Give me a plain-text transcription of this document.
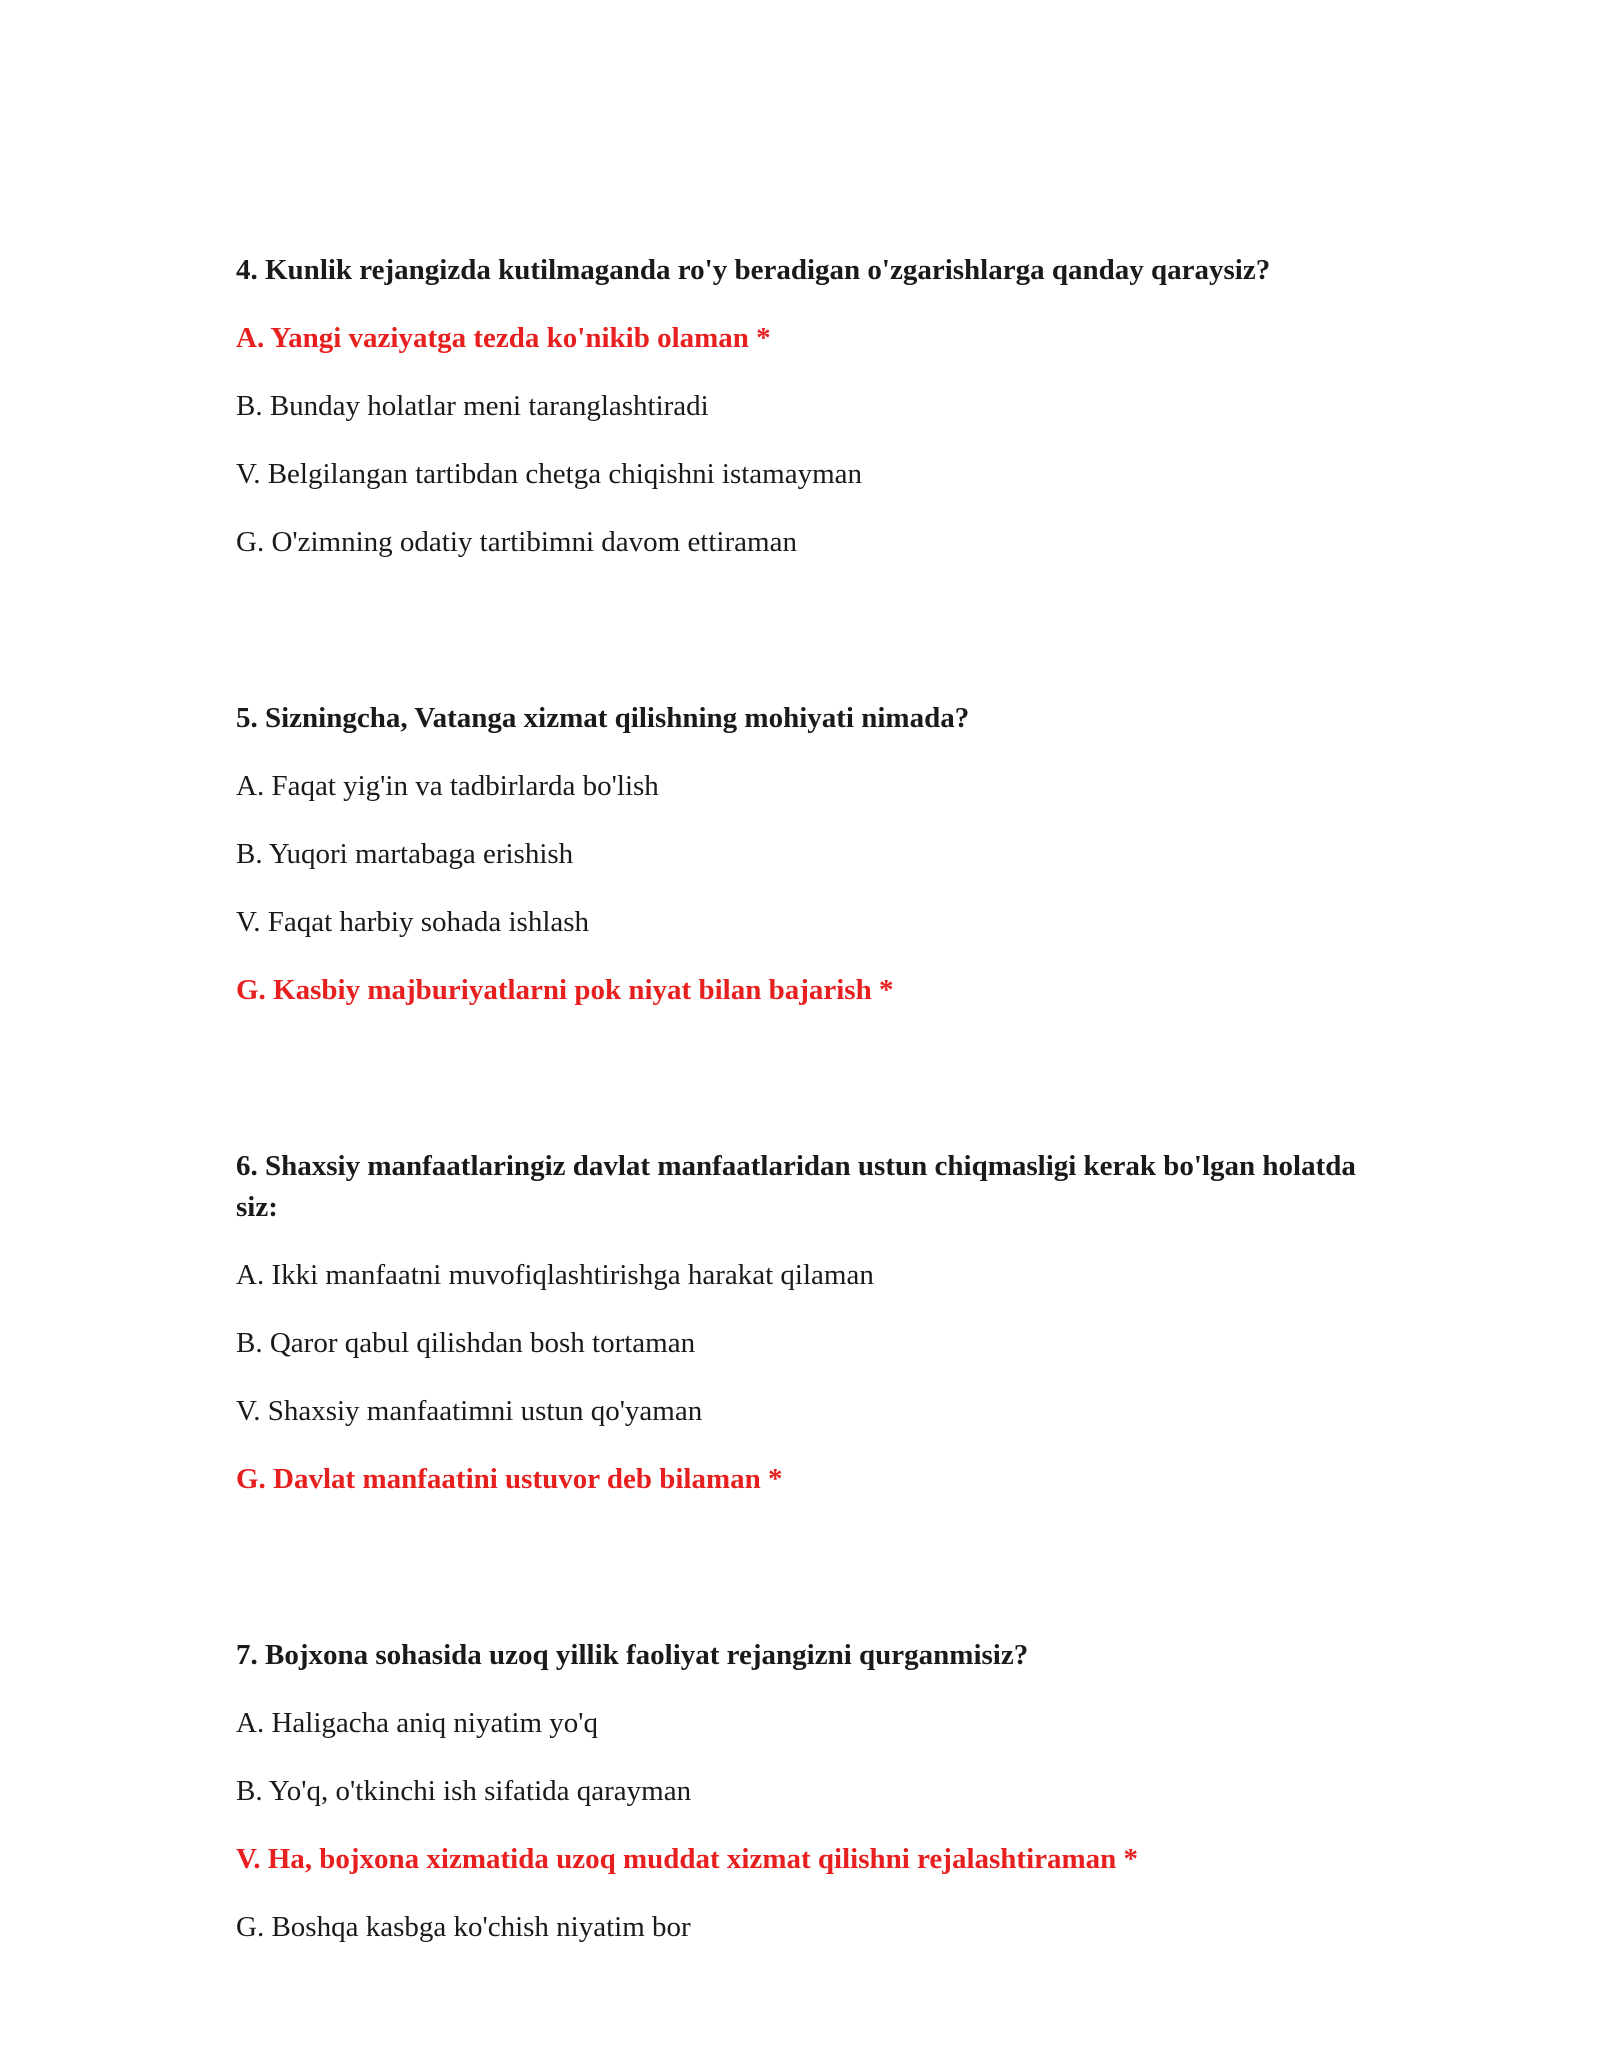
4. Kunlik rejangizda kutilmaganda ro'y beradigan o'zgarishlarga qanday qaraysiz?
A. Yangi vaziyatga tezda ko'nikib olaman *
B. Bunday holatlar meni taranglashtiradi
V. Belgilangan tartibdan chetga chiqishni istamayman
G. O'zimning odatiy tartibimni davom ettiraman
5. Sizningcha, Vatanga xizmat qilishning mohiyati nimada?
A. Faqat yig'in va tadbirlarda bo'lish
B. Yuqori martabaga erishish
V. Faqat harbiy sohada ishlash
G. Kasbiy majburiyatlarni pok niyat bilan bajarish *
6. Shaxsiy manfaatlaringiz davlat manfaatlaridan ustun chiqmasligi kerak bo'lgan holatda siz:
A. Ikki manfaatni muvofiqlashtirishga harakat qilaman
B. Qaror qabul qilishdan bosh tortaman
V. Shaxsiy manfaatimni ustun qo'yaman
G. Davlat manfaatini ustuvor deb bilaman *
7. Bojxona sohasida uzoq yillik faoliyat rejangizni qurganmisiz?
A. Haligacha aniq niyatim yo'q
B. Yo'q, o'tkinchi ish sifatida qarayman
V. Ha, bojxona xizmatida uzoq muddat xizmat qilishni rejalashtiraman *
G. Boshqa kasbga ko'chish niyatim bor
